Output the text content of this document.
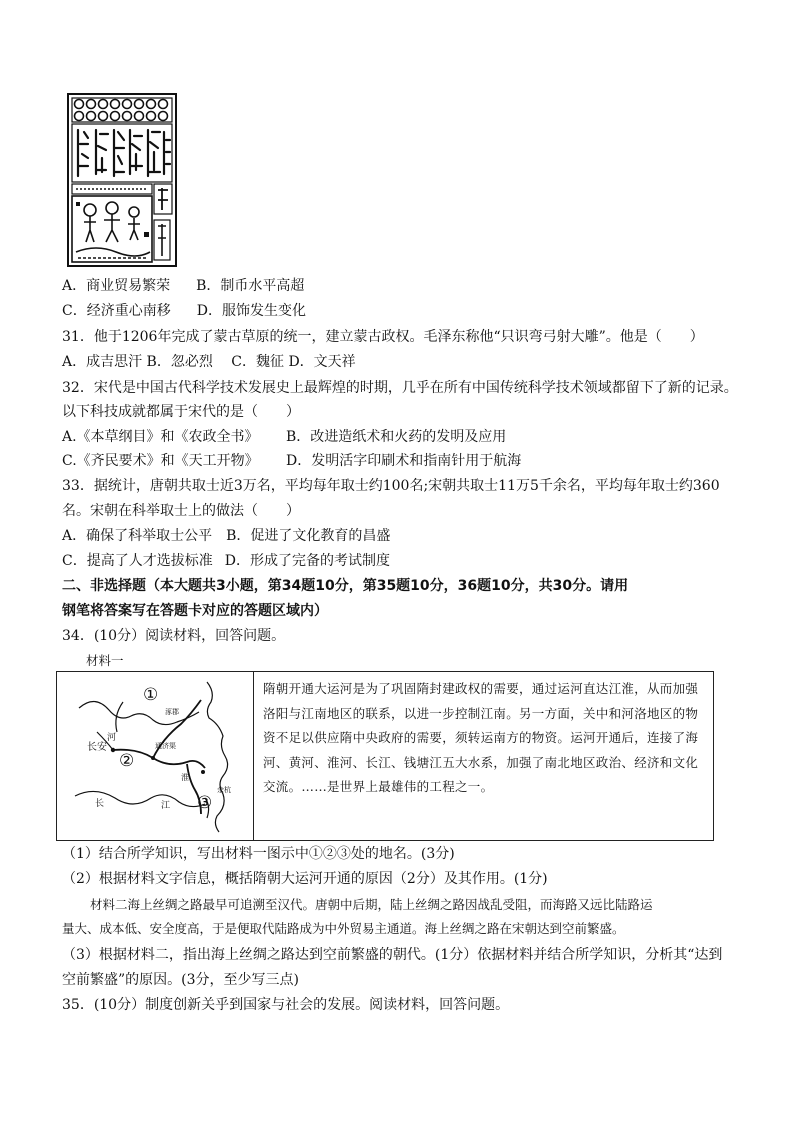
A．商业贸易繁荣 B．制币水平高超
C．经济重心南移 D．服饰发生变化
31．他于1206年完成了蒙古草原的统一，建立蒙古政权。毛泽东称他“只识弯弓射大雕”。他是（　　）
A．成吉思汗 B．忽必烈　 C．魏征 D．文天祥
32．宋代是中国古代科学技术发展史上最辉煌的时期，几乎在所有中国传统科学技术领域都留下了新的记录。
以下科技成就都属于宋代的是（　　）
A.《本草纲目》和《农政全书》 B．改进造纸术和火药的发明及应用
C.《齐民要术》和《天工开物》 D．发明活字印刷术和指南针用于航海
33．据统计，唐朝共取士近3万名，平均每年取士约100名;宋朝共取士11万5千余名，平均每年取士约360
名。宋朝在科举取士上的做法（　　）
A．确保了科举取士公平 B．促进了文化教育的昌盛
C．提高了人才选拔标准 D．形成了完备的考试制度
二、非选择题（本大题共3小题，第34题10分，第35题10分，36题10分，共30分。请用
钢笔将答案写在答题卡对应的答题区域内）
34．(10分）阅读材料，回答问题。
材料一
①
②
③
长安
河
长	江
淮
涿郡
通济渠
余杭
隋朝开通大运河是为了巩固隋封建政权的需要，通过运河直达江淮，从而加强洛阳与江南地区的联系，以进一步控制江南。另一方面，关中和河洛地区的物资不足以供应隋中央政府的需要，须转运南方的物资。运河开通后，连接了海河、黄河、淮河、长江、钱塘江五大水系，加强了南北地区政治、经济和文化交流。……是世界上最雄伟的工程之一。
（1）结合所学知识，写出材料一图示中①②③处的地名。(3分)
（2）根据材料文字信息，概括隋朝大运河开通的原因（2分）及其作用。(1分)
材料二海上丝绸之路最早可追溯至汉代。唐朝中后期，陆上丝绸之路因战乱受阻，而海路又远比陆路运
量大、成本低、安全度高，于是便取代陆路成为中外贸易主通道。海上丝绸之路在宋朝达到空前繁盛。
（3）根据材料二，指出海上丝绸之路达到空前繁盛的朝代。(1分）依据材料并结合所学知识，分析其“达到
空前繁盛”的原因。(3分，至少写三点)
35．(10分）制度创新关乎到国家与社会的发展。阅读材料，回答问题。
